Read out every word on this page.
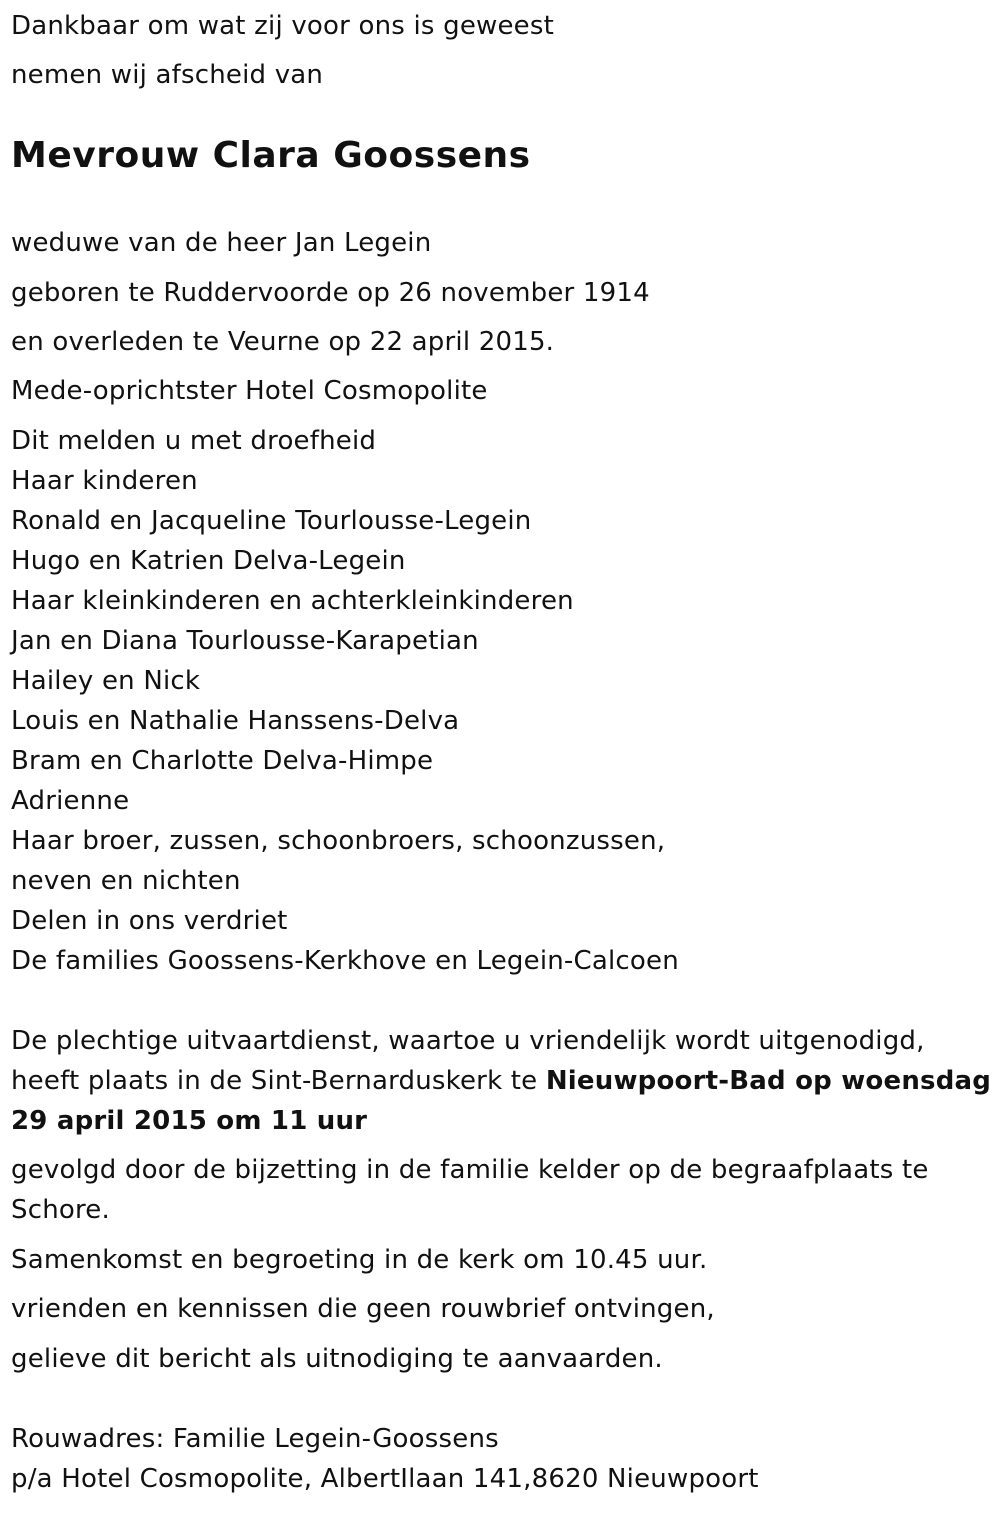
Dankbaar om wat zij voor ons is geweest
nemen wij afscheid van
Mevrouw Clara Goossens
weduwe van de heer Jan Legein
geboren te Ruddervoorde op 26 november 1914
en overleden te Veurne op 22 april 2015.
Mede-oprichtster Hotel Cosmopolite
Dit melden u met droefheid
Haar kinderen
Ronald en Jacqueline Tourlousse-Legein
Hugo en Katrien Delva-Legein
Haar kleinkinderen en achterkleinkinderen
Jan en Diana Tourlousse-Karapetian
Hailey en Nick
Louis en Nathalie Hanssens-Delva
Bram en Charlotte Delva-Himpe
Adrienne
Haar broer, zussen, schoonbroers, schoonzussen,
neven en nichten
Delen in ons verdriet
De families Goossens-Kerkhove en Legein-Calcoen
De plechtige uitvaartdienst, waartoe u vriendelijk wordt uitgenodigd,
heeft plaats in de Sint-Bernarduskerk te Nieuwpoort-Bad op woensdag
29 april 2015 om 11 uur
gevolgd door de bijzetting in de familie kelder op de begraafplaats te
Schore.
Samenkomst en begroeting in de kerk om 10.45 uur.
vrienden en kennissen die geen rouwbrief ontvingen,
gelieve dit bericht als uitnodiging te aanvaarden.
Rouwadres: Familie Legein-Goossens
p/a Hotel Cosmopolite, AlbertIlaan 141,8620 Nieuwpoort
